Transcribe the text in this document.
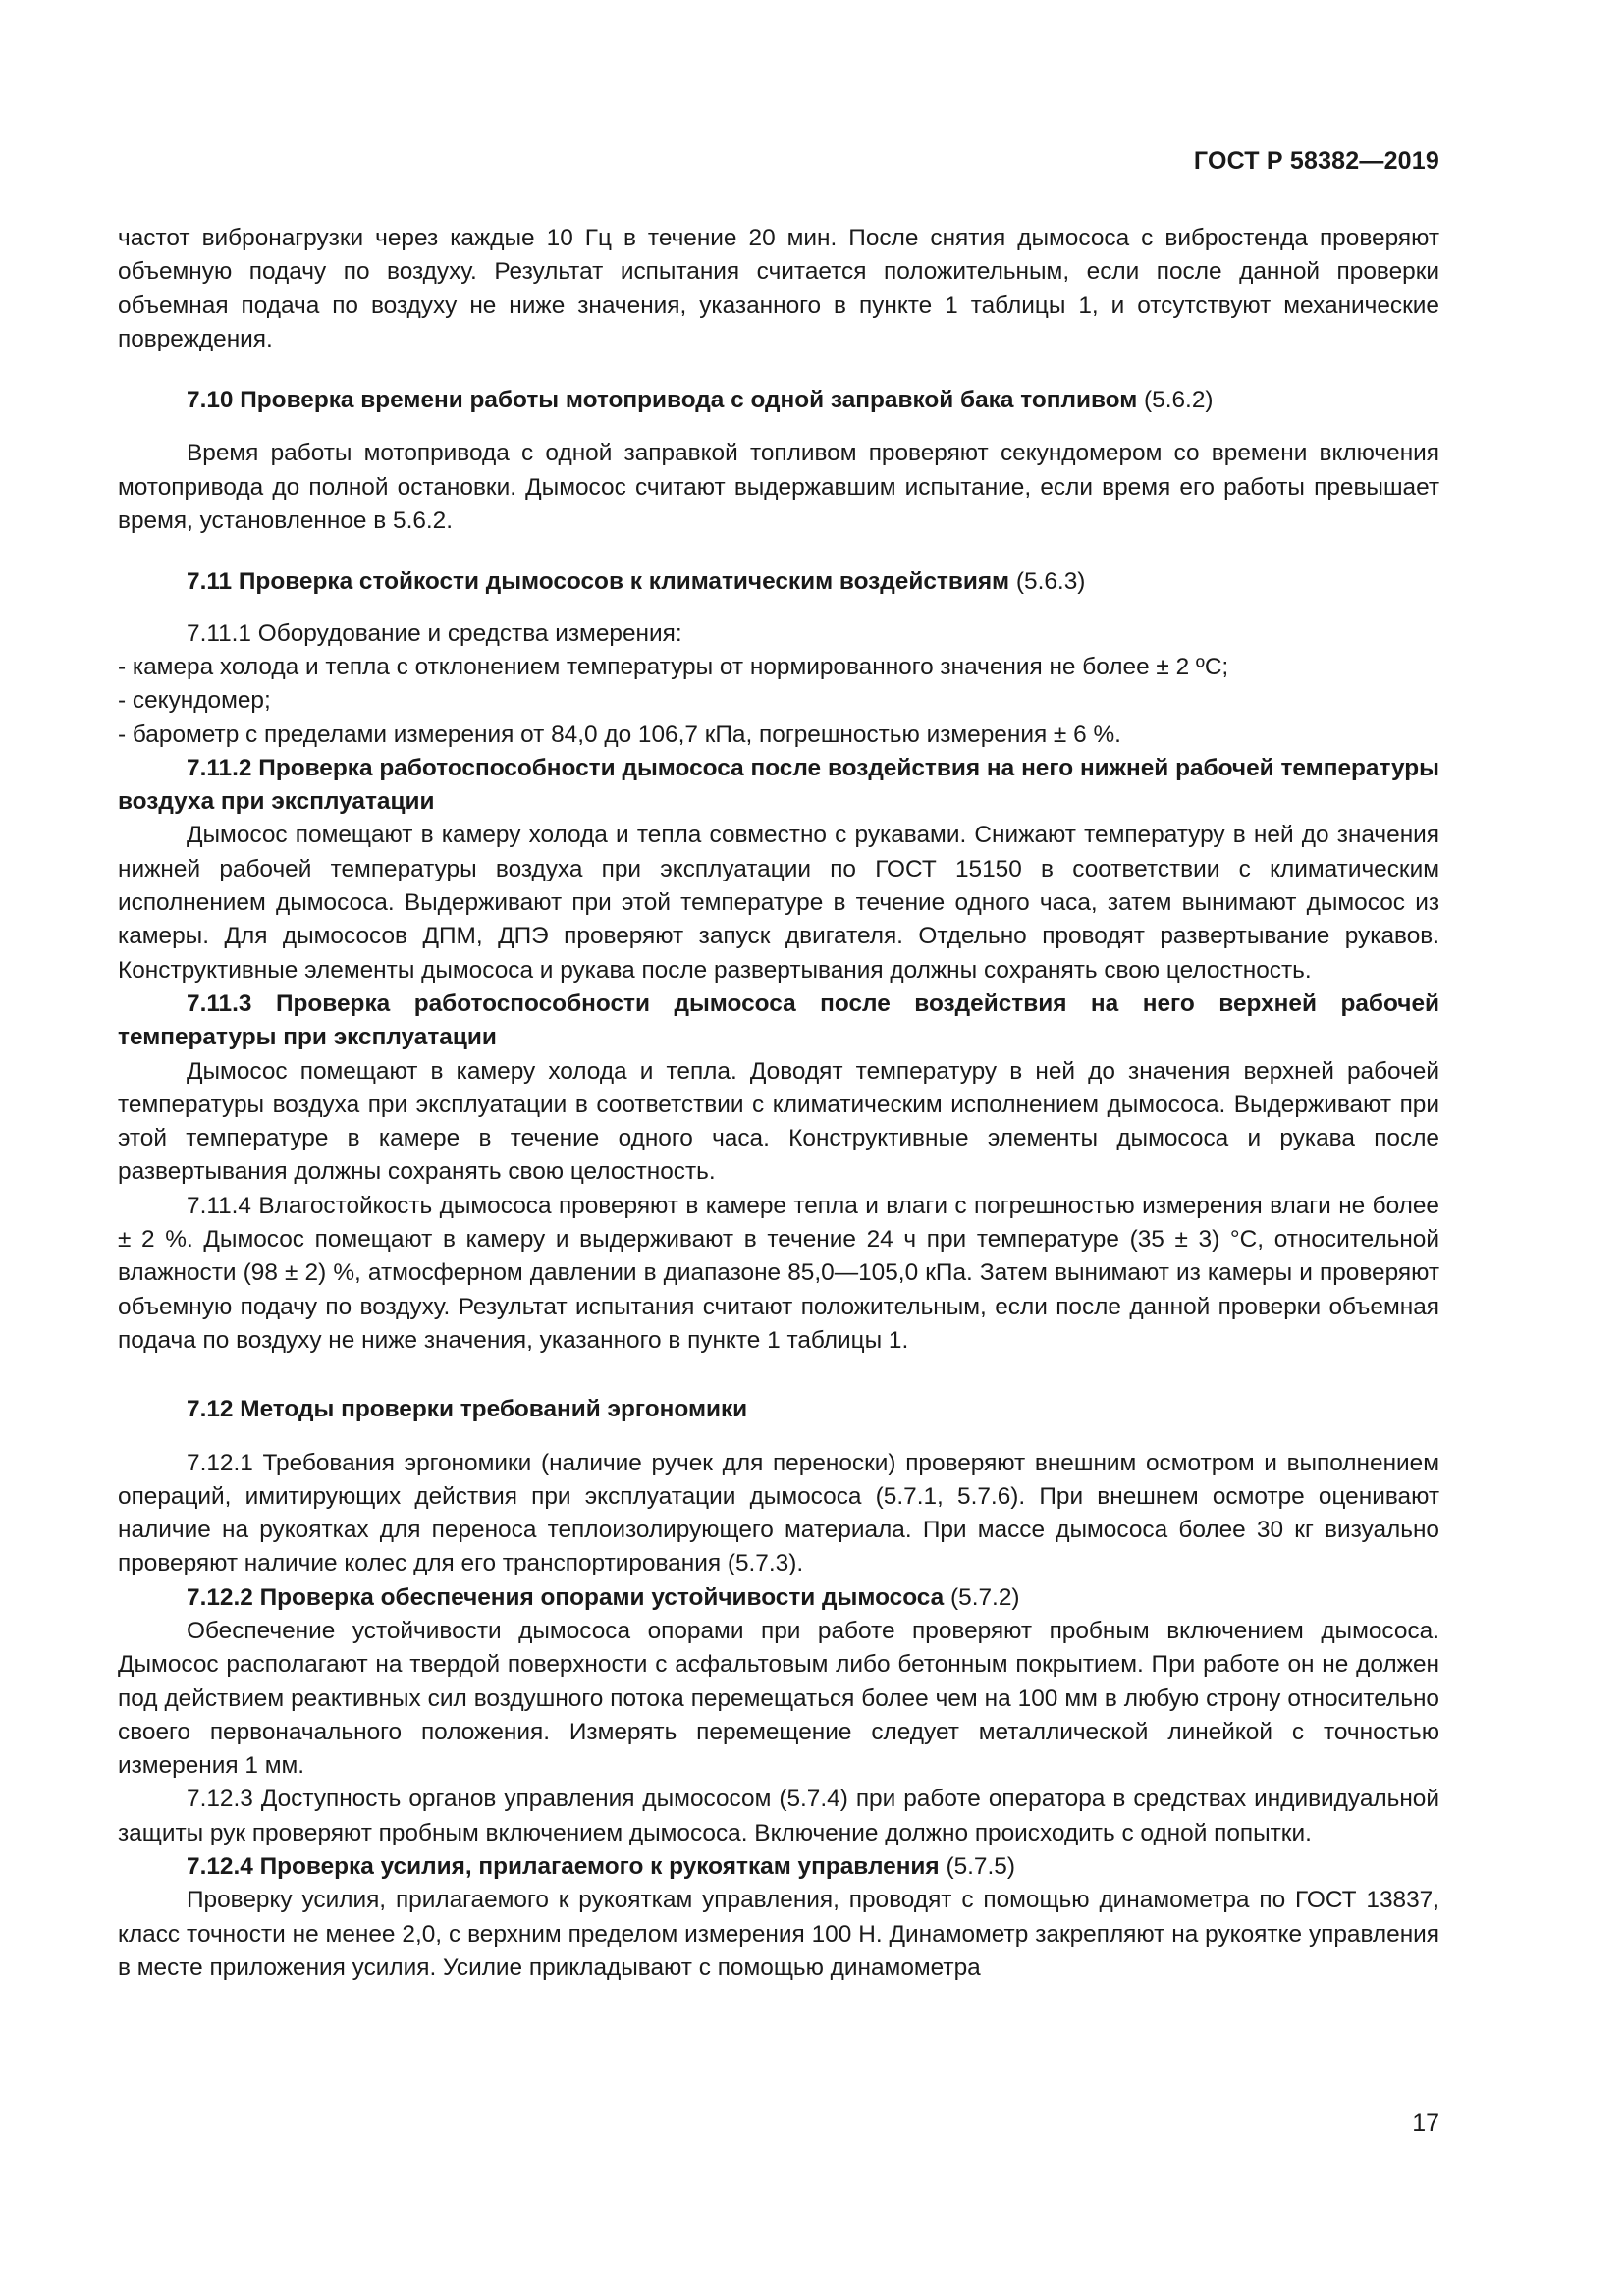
ГОСТ Р 58382—2019

частот вибронагрузки через каждые 10 Гц в течение 20 мин. После снятия дымососа с вибростенда проверяют объемную подачу по воздуху. Результат испытания считается положительным, если после данной проверки объемная подача по воздуху не ниже значения, указанного в пункте 1 таблицы 1, и отсутствуют механические повреждения.

7.10 Проверка времени работы мотопривода с одной заправкой бака топливом (5.6.2)

Время работы мотопривода с одной заправкой топливом проверяют секундомером со времени включения мотопривода до полной остановки. Дымосос считают выдержавшим испытание, если время его работы превышает время, установленное в 5.6.2.

7.11 Проверка стойкости дымососов к климатическим воздействиям (5.6.3)

7.11.1 Оборудование и средства измерения:

- камера холода и тепла с отклонением температуры от нормированного значения не более ± 2 ºС;

- секундомер;

- барометр с пределами измерения от 84,0 до 106,7 кПа, погрешностью измерения ± 6 %.

7.11.2 Проверка работоспособности дымососа после воздействия на него нижней рабочей температуры воздуха при эксплуатации

Дымосос помещают в камеру холода и тепла совместно с рукавами. Снижают температуру в ней до значения нижней рабочей температуры воздуха при эксплуатации по ГОСТ 15150 в соответствии с климатическим исполнением дымососа. Выдерживают при этой температуре в течение одного часа, затем вынимают дымосос из камеры. Для дымососов ДПМ, ДПЭ проверяют запуск двигателя. Отдельно проводят развертывание рукавов. Конструктивные элементы дымососа и рукава после развертывания должны сохранять свою целостность.

7.11.3 Проверка работоспособности дымососа после воздействия на него верхней рабочей температуры при эксплуатации

Дымосос помещают в камеру холода и тепла. Доводят температуру в ней до значения верхней рабочей температуры воздуха при эксплуатации в соответствии с климатическим исполнением дымососа. Выдерживают при этой температуре в камере в течение одного часа. Конструктивные элементы дымососа и рукава после развертывания должны сохранять свою целостность.

7.11.4 Влагостойкость дымососа проверяют в камере тепла и влаги с погрешностью измерения влаги не более ± 2 %. Дымосос помещают в камеру и выдерживают в течение 24 ч при температуре (35 ± 3) °С, относительной влажности (98 ± 2) %, атмосферном давлении в диапазоне 85,0—105,0 кПа. Затем вынимают из камеры и проверяют объемную подачу по воздуху. Результат испытания считают положительным, если после данной проверки объемная подача по воздуху не ниже значения, указанного в пункте 1 таблицы 1.

7.12 Методы проверки требований эргономики

7.12.1 Требования эргономики (наличие ручек для переноски) проверяют внешним осмотром и выполнением операций, имитирующих действия при эксплуатации дымососа (5.7.1, 5.7.6). При внешнем осмотре оценивают наличие на рукоятках для переноса теплоизолирующего материала. При массе дымососа более 30 кг визуально проверяют наличие колес для его транспортирования (5.7.3).

7.12.2 Проверка обеспечения опорами устойчивости дымососа (5.7.2)

Обеспечение устойчивости дымососа опорами при работе проверяют пробным включением дымососа. Дымосос располагают на твердой поверхности с асфальтовым либо бетонным покрытием. При работе он не должен под действием реактивных сил воздушного потока перемещаться более чем на 100 мм в любую строну относительно своего первоначального положения. Измерять перемещение следует металлической линейкой с точностью измерения 1 мм.

7.12.3 Доступность органов управления дымососом (5.7.4) при работе оператора в средствах индивидуальной защиты рук проверяют пробным включением дымососа. Включение должно происходить с одной попытки.

7.12.4 Проверка усилия, прилагаемого к рукояткам управления (5.7.5)

Проверку усилия, прилагаемого к рукояткам управления, проводят с помощью динамометра по ГОСТ 13837, класс точности не менее 2,0, с верхним пределом измерения 100 Н. Динамометр закрепляют на рукоятке управления в месте приложения усилия. Усилие прикладывают с помощью динамометра

17
